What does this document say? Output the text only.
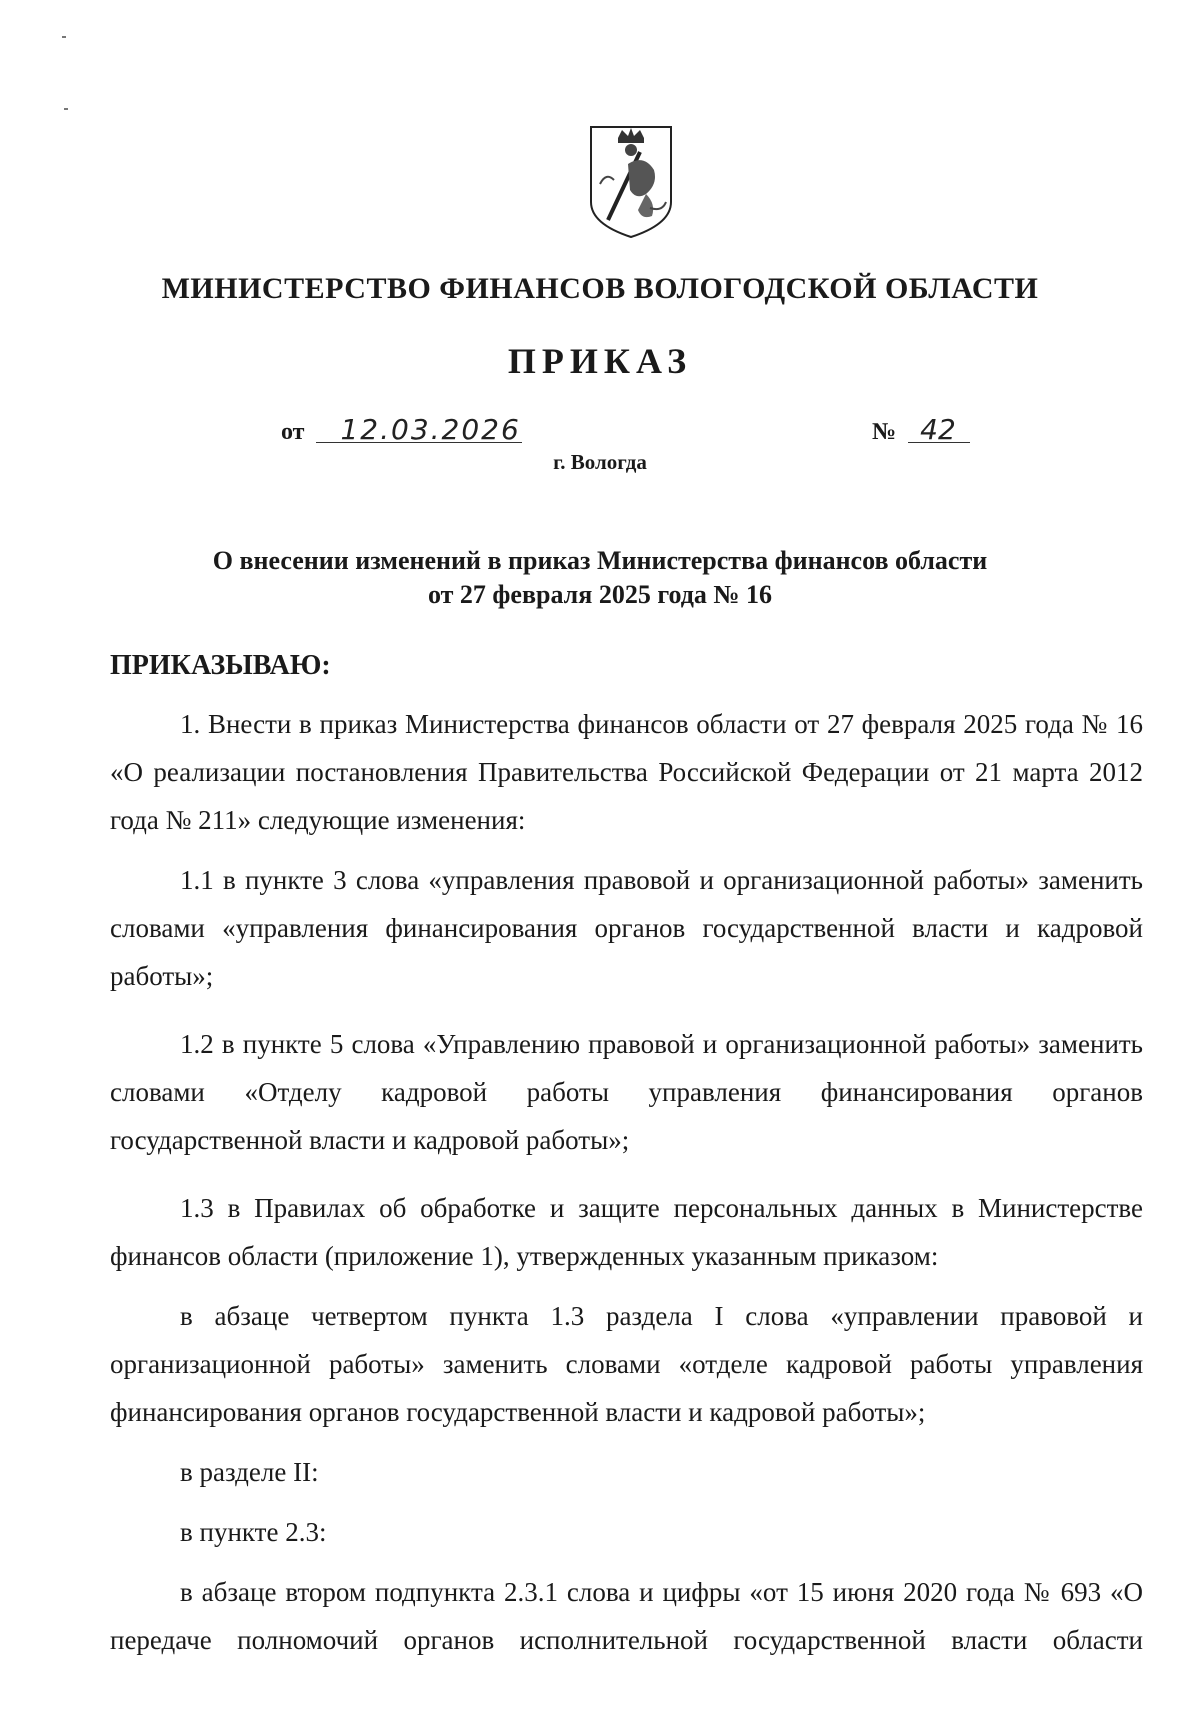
МИНИСТЕРСТВО ФИНАНСОВ ВОЛОГОДСКОЙ ОБЛАСТИ
ПРИКАЗ
от 12.03.2026	№ 42
г. Вологда
О внесении изменений в приказ Министерства финансов области
от 27 февраля 2025 года № 16
ПРИКАЗЫВАЮ:

1. Внести в приказ Министерства финансов области от 27 февраля 2025 года № 16 «О реализации постановления Правительства Российской Федерации от 21 марта 2012 года № 211» следующие изменения:

1.1 в пункте 3 слова «управления правовой и организационной работы» заменить словами «управления финансирования органов государственной власти и кадровой работы»;

1.2 в пункте 5 слова «Управлению правовой и организационной работы» заменить словами «Отделу кадровой работы управления финансирования органов государственной власти и кадровой работы»;

1.3 в Правилах об обработке и защите персональных данных в Министерстве финансов области (приложение 1), утвержденных указанным приказом:

в абзаце четвертом пункта 1.3 раздела I слова «управлении правовой и организационной работы» заменить словами «отделе кадровой работы управления финансирования органов государственной власти и кадровой работы»;

в разделе II:

в пункте 2.3:

в абзаце втором подпункта 2.3.1 слова и цифры «от 15 июня 2020 года № 693 «О передаче полномочий органов исполнительной государственной власти области
